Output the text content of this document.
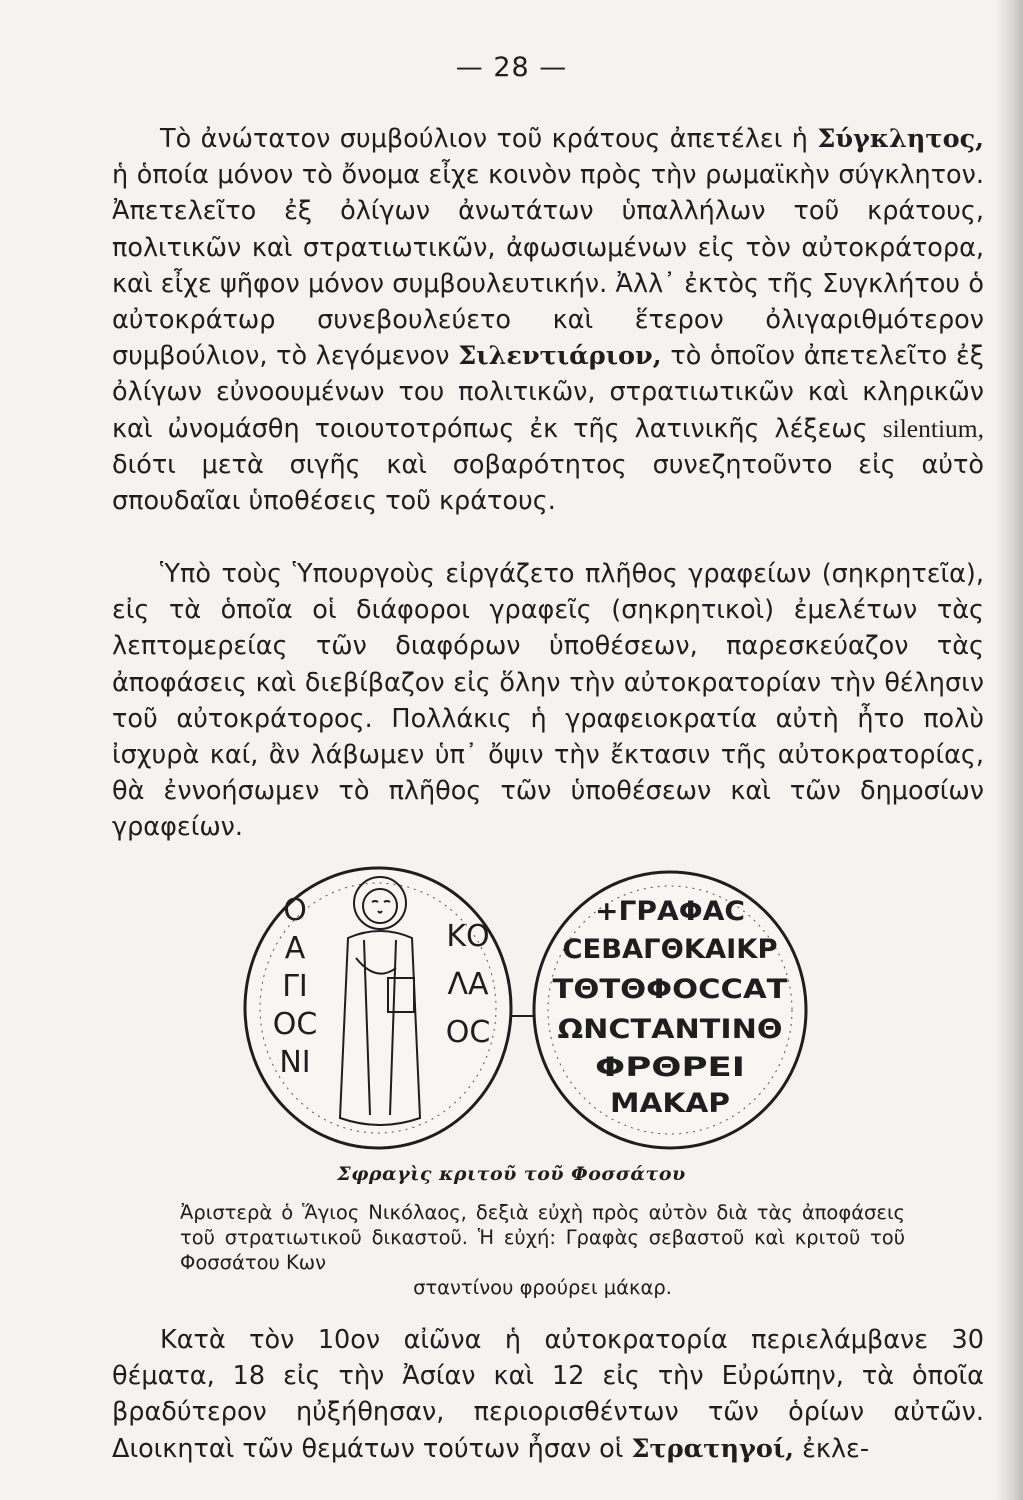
— 28 —

Τὸ ἀνώτατον συμβούλιον τοῦ κράτους ἀπετέλει ἡ Σύγκλητος, ἡ ὁποία μόνον τὸ ὄνομα εἶχε κοινὸν πρὸς τὴν ρωμαϊκὴν σύγκλητον. Ἀπετελεῖτο ἐξ ὀλίγων ἀνωτάτων ὑπαλλήλων τοῦ κράτους, πολιτικῶν καὶ στρατιωτικῶν, ἀφωσιωμένων εἰς τὸν αὐτοκράτορα, καὶ εἶχε ψῆφον μόνον συμβουλευτικήν. Ἀλλ᾽ ἐκτὸς τῆς Συγκλήτου ὁ αὐτοκράτωρ συνεβουλεύετο καὶ ἕτερον ὀλιγαριθμότερον συμβούλιον, τὸ λεγόμενον Σιλεντιάριον, τὸ ὁποῖον ἀπετελεῖτο ἐξ ὀλίγων εὐνοουμένων του πολιτικῶν, στρατιωτικῶν καὶ κληρικῶν καὶ ὠνομάσθη τοιουτοτρόπως ἐκ τῆς λατινικῆς λέξεως silentium, διότι μετὰ σιγῆς καὶ σοβαρότητος συνεζητοῦντο εἰς αὐτὸ σπουδαῖαι ὑποθέσεις τοῦ κράτους.

Ὑπὸ τοὺς Ὑπουργοὺς εἰργάζετο πλῆθος γραφείων (σηκρητεῖα), εἰς τὰ ὁποῖα οἱ διάφοροι γραφεῖς (σηκρητικοὶ) ἐμελέτων τὰς λεπτομερείας τῶν διαφόρων ὑποθέσεων, παρεσκεύαζον τὰς ἀποφάσεις καὶ διεβίβαζον εἰς ὅλην τὴν αὐτοκρατορίαν τὴν θέλησιν τοῦ αὐτοκράτορος. Πολλάκις ἡ γραφειοκρατία αὐτὴ ἦτο πολὺ ἰσχυρὰ καί, ἂν λάβωμεν ὑπ᾽ ὄψιν τὴν ἔκτασιν τῆς αὐτοκρατορίας, θὰ ἐννοήσωμεν τὸ πλῆθος τῶν ὑποθέσεων καὶ τῶν δημοσίων γραφείων.

Ο
Α
ΓΙ
ΟC
ΝΙ
ΚΟ
ΛΑ
ΟC
+ΓΡΑΦΑC
CΕΒΑΓΘΚΑΙΚΡ
ΤΘΤΘΦΟCCΑΤ
ΩΝCΤΑΝΤΙΝΘ
ΦΡΘΡΕΙ
ΜΑΚΑΡ
Σφραγὶς κριτοῦ τοῦ Φοσσάτου
Ἀριστερὰ ὁ Ἅγιος Νικόλαος, δεξιὰ εὐχὴ πρὸς αὐτὸν διὰ τὰς ἀποφάσεις τοῦ στρατιωτικοῦ δικαστοῦ. Ἡ εὐχή: Γραφὰς σεβαστοῦ καὶ κριτοῦ τοῦ Φοσσάτου Κων
σταντίνου φρούρει μάκαρ.

Κατὰ τὸν 10ον αἰῶνα ἡ αὐτοκρατορία περιελάμβανε 30 θέματα, 18 εἰς τὴν Ἀσίαν καὶ 12 εἰς τὴν Εὐρώπην, τὰ ὁποῖα βραδύτερον ηὐξήθησαν, περιορισθέντων τῶν ὁρίων αὐτῶν. Διοικηταὶ τῶν θεμάτων τούτων ἦσαν οἱ Στρατηγοί, ἐκλε-
